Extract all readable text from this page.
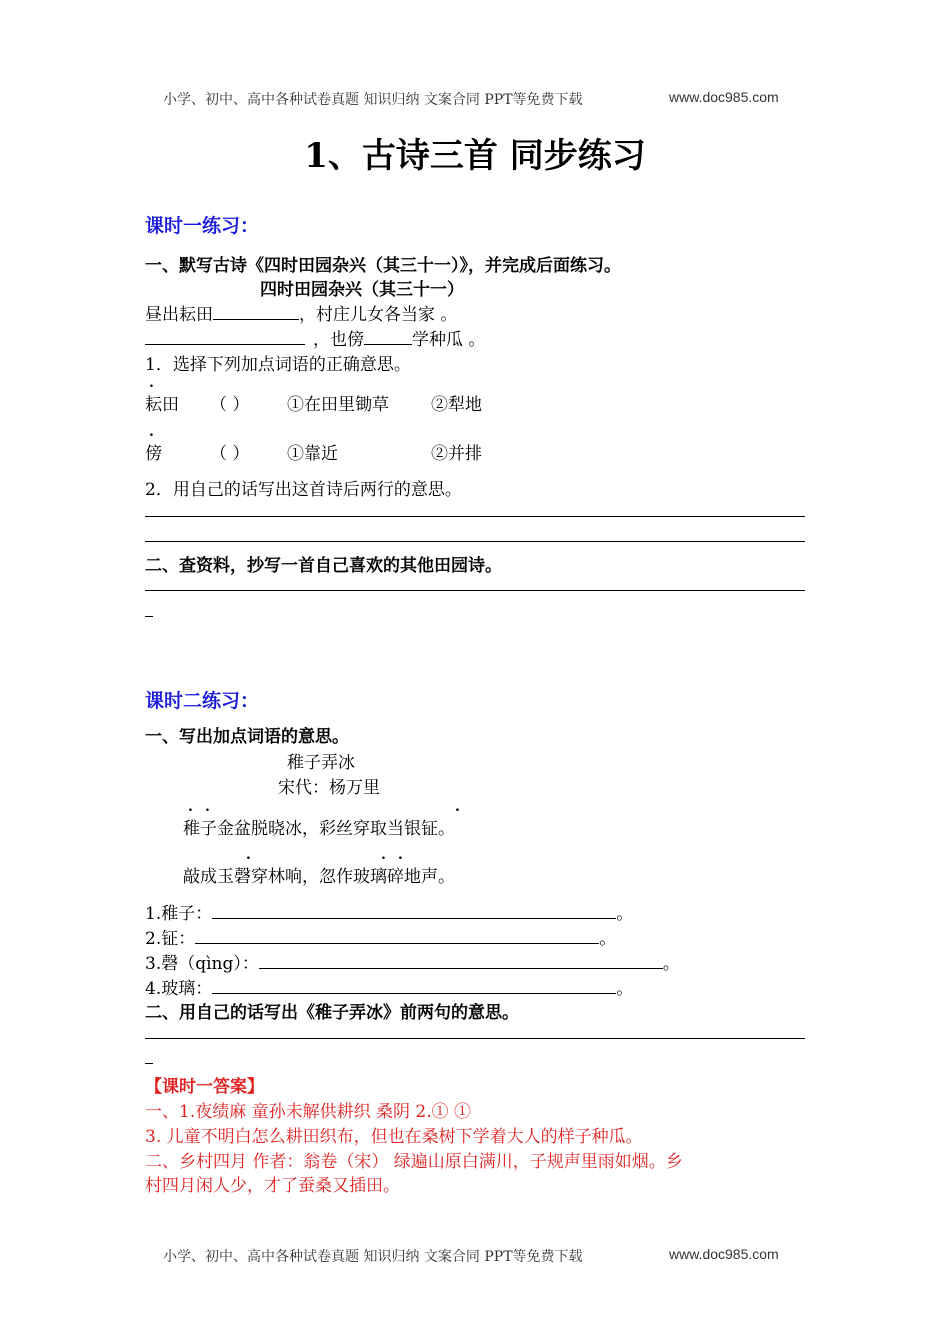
小学、初中、高中各种试卷真题 知识归纳 文案合同 PPT等免费下载	www.doc985.com
1、古诗三首 同步练习
课时一练习：
一、默写古诗《四时田园杂兴（其三十一）》，并完成后面练习。
四时田园杂兴（其三十一）
昼出耘田	，村庄儿女各当家 。
，也傍	学种瓜 。
1．选择下列加点词语的正确意思。
.
耘田 （ ） ①在田里锄草 ②犁地
.
傍	（ ） ①靠近	②并排
2．用自己的话写出这首诗后两行的意思。
二、查资料，抄写一首自己喜欢的其他田园诗。
课时二练习：
一、写出加点词语的意思。
稚子弄冰
宋代：杨万里
. .	.
稚子金盆脱晓冰，彩丝穿取当银钲。
.	. .
敲成玉磬穿林响，忽作玻璃碎地声。
1.稚子：	。
2.钲：	。
3.磬（qìng）：	。
4.玻璃：	。
二、用自己的话写出《稚子弄冰》前两句的意思。
【课时一答案】
一、1.夜绩麻 童孙未解供耕织 桑阴 2.① ①
3. 儿童不明白怎么耕田织布，但也在桑树下学着大人的样子种瓜。
二、乡村四月 作者：翁卷（宋） 绿遍山原白满川，子规声里雨如烟。乡
村四月闲人少，才了蚕桑又插田。
小学、初中、高中各种试卷真题 知识归纳 文案合同 PPT等免费下载	www.doc985.com
